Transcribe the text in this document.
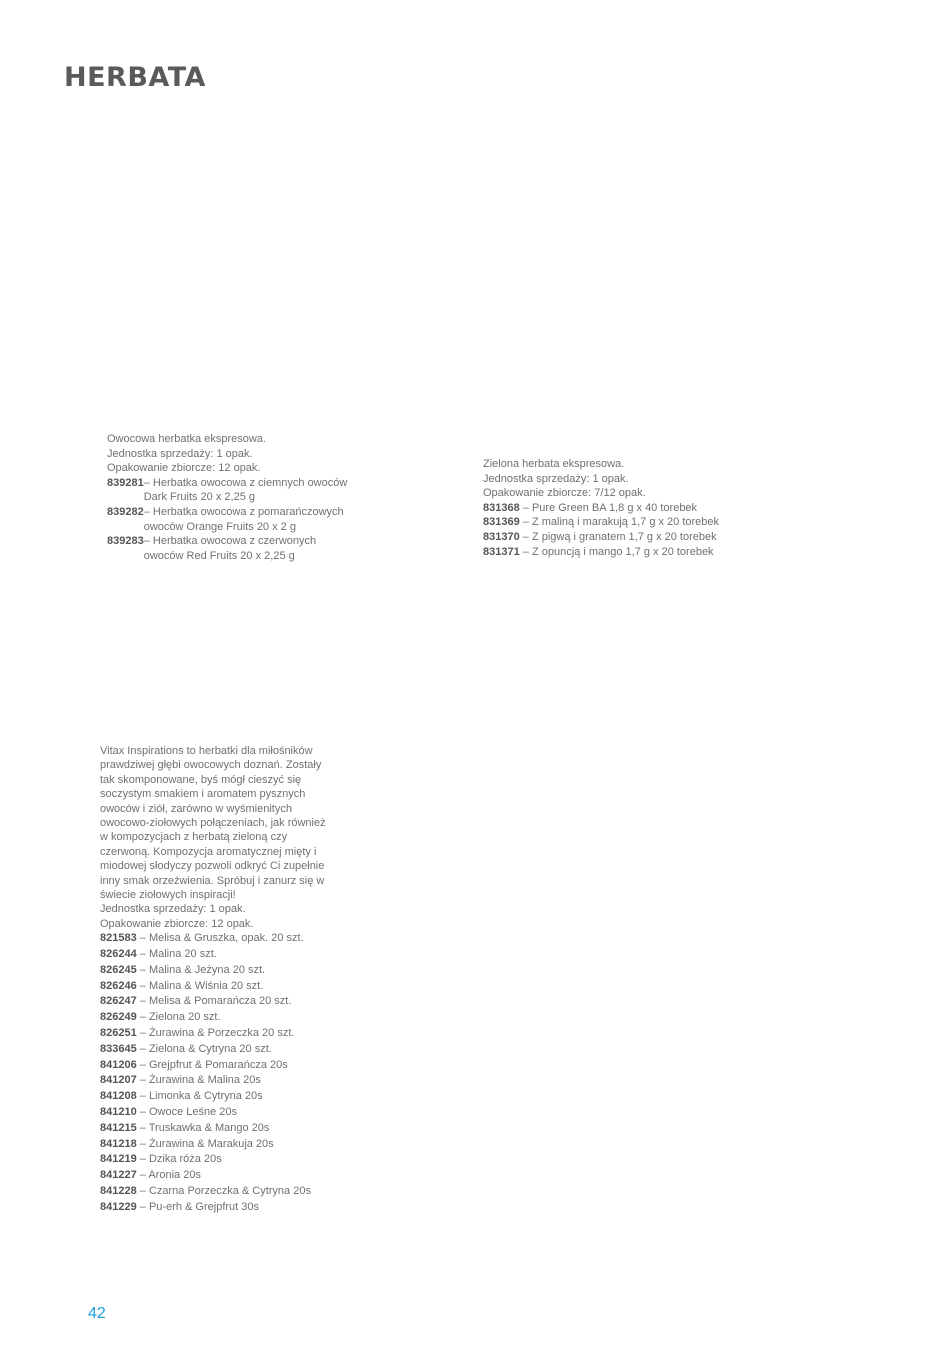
HERBATA
Owocowa herbatka ekspresowa.
Jednostka sprzedaży: 1 opak.
Opakowanie zbiorcze: 12 opak.
839281 – Herbatka owocowa z ciemnych owoców Dark Fruits 20 x 2,25 g
839282 – Herbatka owocowa z pomarańczowych owoców Orange Fruits 20 x 2 g
839283 – Herbatka owocowa z czerwonych owoców Red Fruits 20 x 2,25 g
Zielona herbata ekspresowa.
Jednostka sprzedaży: 1 opak.
Opakowanie zbiorcze: 7/12 opak.
831368 – Pure Green BA 1,8 g x 40 torebek
831369 – Z maliną i marakują 1,7 g x 20 torebek
831370 – Z pigwą i granatem 1,7 g x 20 torebek
831371 – Z opuncją i mango 1,7 g x 20 torebek
Vitax Inspirations to herbatki dla miłośników prawdziwej głębi owocowych doznań. Zostały tak skomponowane, byś mógł cieszyć się soczystym smakiem i aromatem pysznych owoców i ziół, zarówno w wyśmienitych owocowo-ziołowych połączeniach, jak również w kompozycjach z herbatą zieloną czy czerwoną. Kompozycja aromatycznej mięty i miodowej słodyczy pozwoli odkryć Ci zupełnie inny smak orzeźwienia. Spróbuj i zanurz się w świecie ziołowych inspiracji!
Jednostka sprzedaży: 1 opak.
Opakowanie zbiorcze: 12 opak.
821583 – Melisa & Gruszka, opak. 20 szt.
826244 – Malina 20 szt.
826245 – Malina & Jeżyna 20 szt.
826246 – Malina & Wiśnia 20 szt.
826247 – Melisa & Pomarańcza 20 szt.
826249 – Zielona 20 szt.
826251 – Żurawina & Porzeczka 20 szt.
833645 – Zielona & Cytryna 20 szt.
841206 – Grejpfrut & Pomarańcza 20s
841207 – Żurawina & Malina 20s
841208 – Limonka & Cytryna 20s
841210 – Owoce Leśne 20s
841215 – Truskawka & Mango 20s
841218 – Żurawina & Marakuja 20s
841219 – Dzika róża 20s
841227 – Aronia 20s
841228 – Czarna Porzeczka & Cytryna 20s
841229 – Pu-erh & Grejpfrut 30s
42
